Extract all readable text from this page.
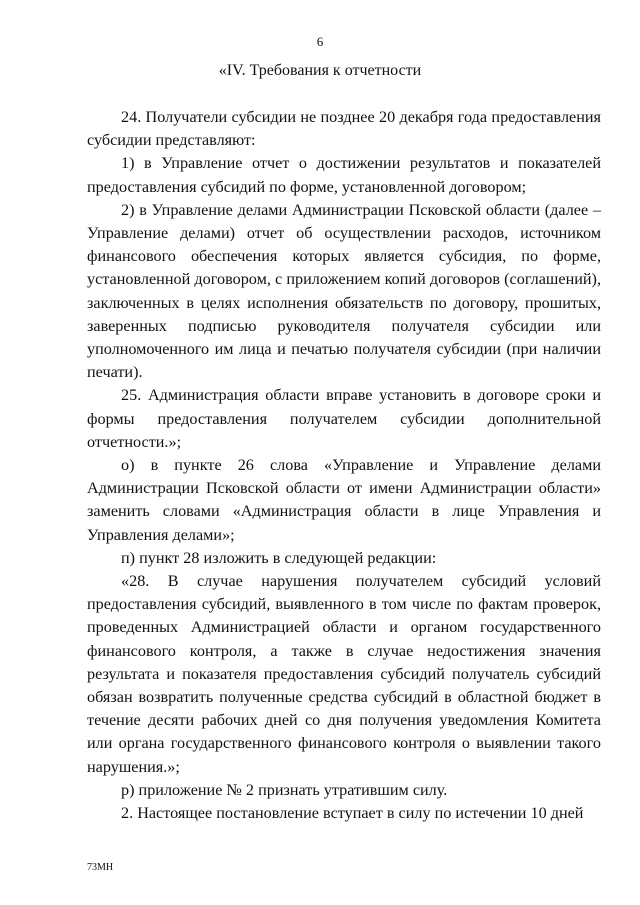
6
«IV. Требования к отчетности

24. Получатели субсидии не позднее 20 декабря года предоставления субсидии представляют:

1) в Управление отчет о достижении результатов и показателей предоставления субсидий по форме, установленной договором;

2) в Управление делами Администрации Псковской области (далее – Управление делами) отчет об осуществлении расходов, источником финансового обеспечения которых является субсидия, по форме, установленной договором, с приложением копий договоров (соглашений), заключенных в целях исполнения обязательств по договору, прошитых, заверенных подписью руководителя получателя субсидии или уполномоченного им лица и печатью получателя субсидии (при наличии печати).

25. Администрация области вправе установить в договоре сроки и формы предоставления получателем субсидии дополнительной отчетности.»;

о) в пункте 26 слова «Управление и Управление делами Администрации Псковской области от имени Администрации области» заменить словами «Администрация области в лице Управления и Управления делами»;

п) пункт 28 изложить в следующей редакции:

«28. В случае нарушения получателем субсидий условий предоставления субсидий, выявленного в том числе по фактам проверок, проведенных Администрацией области и органом государственного финансового контроля, а также в случае недостижения значения результата и показателя предоставления субсидий получатель субсидий обязан возвратить полученные средства субсидий в областной бюджет в течение десяти рабочих дней со дня получения уведомления Комитета или органа государственного финансового контроля о выявлении такого нарушения.»;

р) приложение № 2 признать утратившим силу.

2. Настоящее постановление вступает в силу по истечении 10 дней

73МН
